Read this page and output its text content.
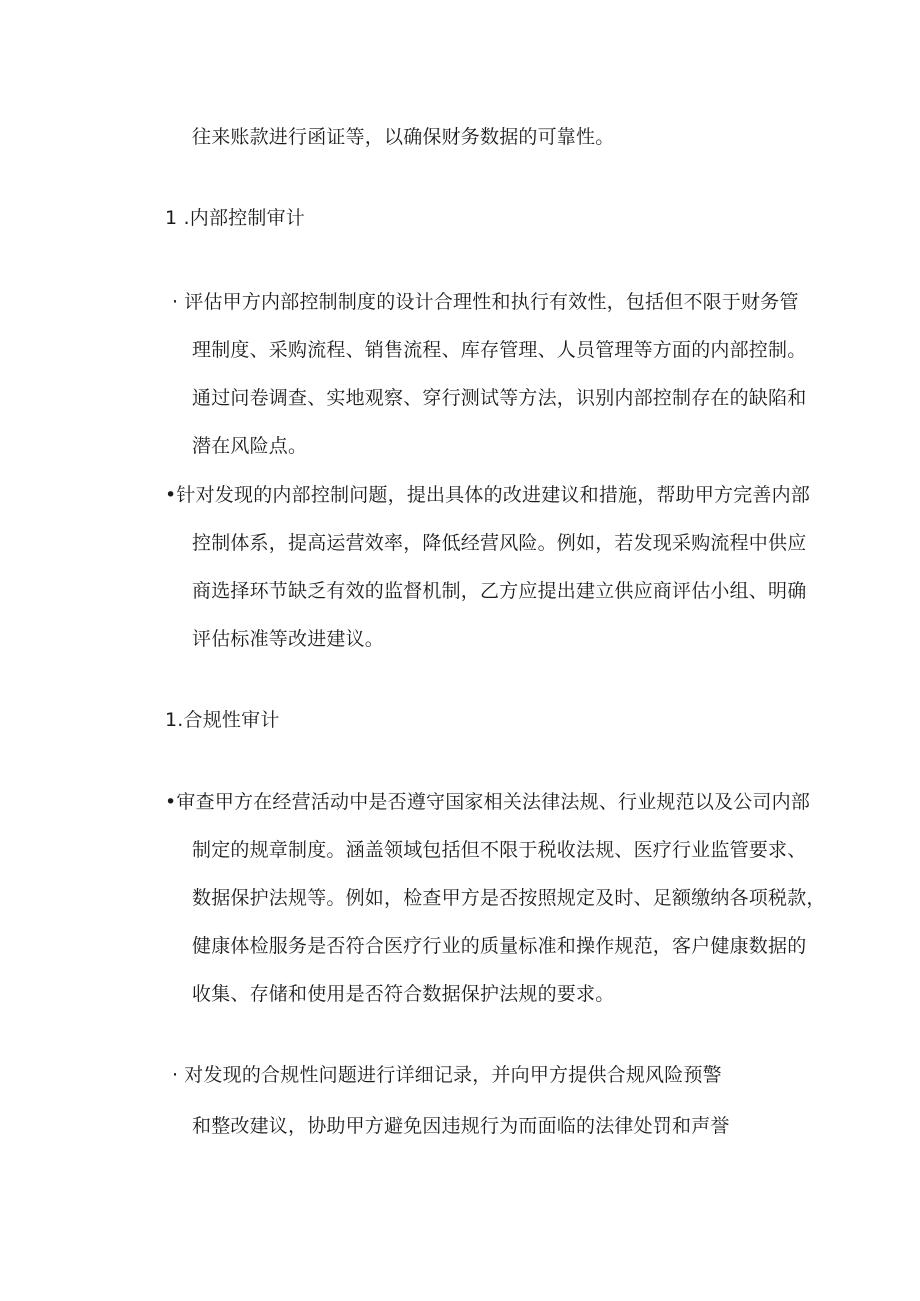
往来账款进行函证等，以确保财务数据的可靠性。
1 .内部控制审计
· 评估甲方内部控制制度的设计合理性和执行有效性，包括但不限于财务管
理制度、采购流程、销售流程、库存管理、人员管理等方面的内部控制。
通过问卷调查、实地观察、穿行测试等方法，识别内部控制存在的缺陷和
潜在风险点。
•针对发现的内部控制问题，提出具体的改进建议和措施，帮助甲方完善内部
控制体系，提高运营效率，降低经营风险。例如，若发现采购流程中供应
商选择环节缺乏有效的监督机制，乙方应提出建立供应商评估小组、明确
评估标准等改进建议。
1.合规性审计
•审查甲方在经营活动中是否遵守国家相关法律法规、行业规范以及公司内部
制定的规章制度。涵盖领域包括但不限于税收法规、医疗行业监管要求、
数据保护法规等。例如，检查甲方是否按照规定及时、足额缴纳各项税款，
健康体检服务是否符合医疗行业的质量标准和操作规范，客户健康数据的
收集、存储和使用是否符合数据保护法规的要求。
· 对发现的合规性问题进行详细记录，并向甲方提供合规风险预警
和整改建议，协助甲方避免因违规行为而面临的法律处罚和声誉
